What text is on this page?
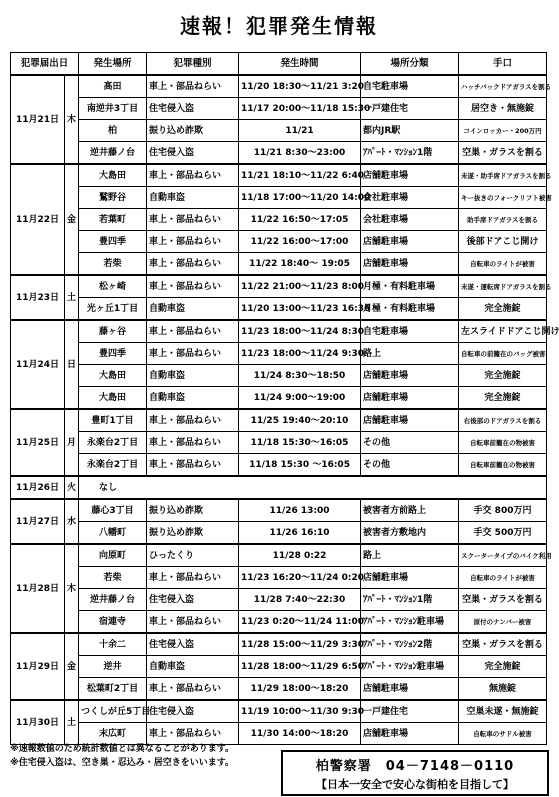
速報！犯罪発生情報
犯罪届出日		発生場所	犯罪種別	発生時間	場所分類	手口
11月21日	木	高田	車上・部品ねらい	11/20 18:30～11/21 3:20	自宅駐車場	ハッチバックドアガラスを割る
		南逆井3丁目	住宅侵入盗	11/17 20:00～11/18 15:30	一戸建住宅	居空き・無施錠
		柏	振り込め詐欺	11/21	都内JR駅	コインロッカー・200万円
		逆井藤ノ台	住宅侵入盗	11/21 8:30～23:00	ｱﾊﾟｰﾄ・ﾏﾝｼｮﾝ1階	空巣・ガラスを割る
11月22日	金	大島田	車上・部品ねらい	11/21 18:10～11/22 6:40	店舗駐車場	未遂・助手席ドアガラスを割る
		鷲野谷	自動車盗	11/18 17:00～11/20 14:00	会社駐車場	キー抜きのフォークリフト被害
		若葉町	車上・部品ねらい	11/22 16:50～17:05	会社駐車場	助手席ドアガラスを割る
		豊四季	車上・部品ねらい	11/22 16:00～17:00	店舗駐車場	後部ドアこじ開け
		若柴	車上・部品ねらい	11/22 18:40～ 19:05	店舗駐車場	自転車のライトが被害
11月23日	土	松ヶ崎	車上・部品ねらい	11/22 21:00～11/23 8:00	月極・有料駐車場	未遂・運転席ドアガラスを割る
		光ヶ丘1丁目	自動車盗	11/20 13:00～11/23 16:36	月極・有料駐車場	完全施錠
11月24日	日	藤ヶ谷	車上・部品ねらい	11/23 18:00～11/24 8:30	自宅駐車場	左スライドドアこじ開け
		豊四季	車上・部品ねらい	11/23 18:00～11/24 9:30	路上	自転車の前籠在のバッグ被害
		大島田	自動車盗	11/24 8:30～18:50	店舗駐車場	完全施錠
		大島田	自動車盗	11/24 9:00～19:00	店舗駐車場	完全施錠
11月25日	月	豊町1丁目	車上・部品ねらい	11/25 19:40～20:10	店舗駐車場	右後部のドアガラスを割る
		永楽台2丁目	車上・部品ねらい	11/18 15:30～16:05	その他	自転車前籠在の物被害
		永楽台2丁目	車上・部品ねらい	11/18 15:30 ～16:05	その他	自転車前籠在の物被害
11月26日	火	なし				
11月27日	水	藤心3丁目	振り込め詐欺	11/26 13:00	被害者方前路上	手交 800万円
		八幡町	振り込め詐欺	11/26 16:10	被害者方敷地内	手交 500万円
11月28日	木	向原町	ひったくり	11/28 0:22	路上	スクータータイプのバイク利用
		若柴	車上・部品ねらい	11/23 16:20～11/24 0:20	店舗駐車場	自転車のライトが被害
		逆井藤ノ台	住宅侵入盗	11/28 7:40～22:30	ｱﾊﾟｰﾄ・ﾏﾝｼｮﾝ1階	空巣・ガラスを割る
		宿連寺	車上・部品ねらい	11/23 0:20～11/24 11:00	ｱﾊﾟｰﾄ・ﾏﾝｼｮﾝ駐車場	原付のナンバー被害
11月29日	金	十余二	住宅侵入盗	11/28 15:00～11/29 3:30	ｱﾊﾟｰﾄ・ﾏﾝｼｮﾝ2階	空巣・ガラスを割る
		逆井	自動車盗	11/28 18:00～11/29 6:50	ｱﾊﾟｰﾄ・ﾏﾝｼｮﾝ駐車場	完全施錠
		松葉町2丁目	車上・部品ねらい	11/29 18:00～18:20	店舗駐車場	無施錠
11月30日	土	つくしが丘5丁目	住宅侵入盗	11/19 10:00～11/30 9:30	一戸建住宅	空巣未遂・無施錠
		末広町	車上・部品ねらい	11/30 14:00～18:20	店舗駐車場	自転車のサドル被害
※速報数値のため統計数値とは異なることがあります。
※住宅侵入盗は、空き巣・忍込み・居空きをいいます。	柏警察署　04－7148－0110
【日本一安全で安心な街柏を目指して】
